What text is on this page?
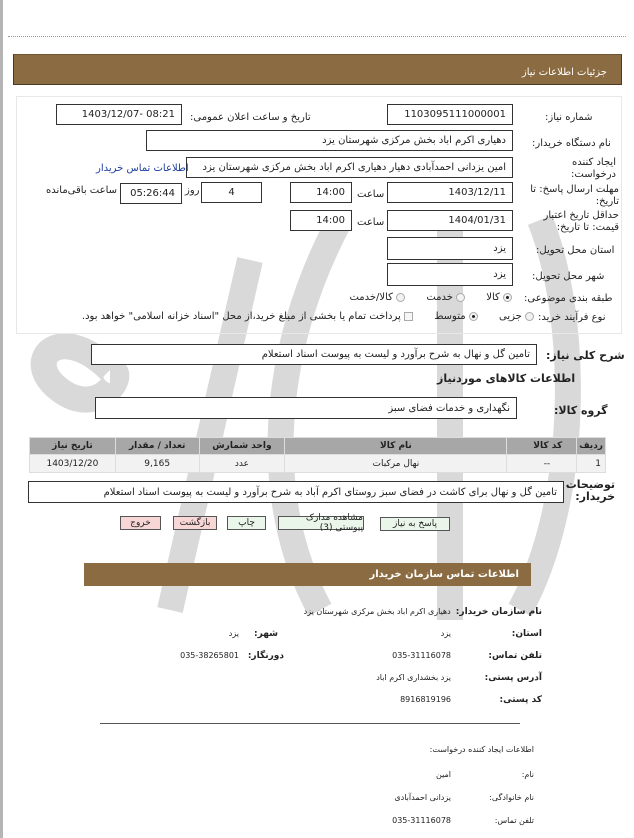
جزئیات اطلاعات نیاز
شماره نیاز:
1103095111000001
تاریخ و ساعت اعلان عمومی:
1403/12/07- 08:21
نام دستگاه خریدار:
دهیاری اکرم اباد بخش مرکزی شهرستان یزد
ایجاد کننده درخواست:
امین یزدانی احمدآبادی دهیار دهیاری اکرم اباد بخش مرکزی شهرستان یزد
اطلاعات تماس خریدار
مهلت ارسال پاسخ: تا تاریخ:
1403/12/11
ساعت
14:00
4
روز
05:26:44
ساعت باقی‌مانده
حداقل تاریخ اعتبار قیمت: تا تاریخ:
1404/01/31
ساعت
14:00
استان محل تحویل:
یزد
شهر محل تحویل:
یزد
طبقه بندی موضوعی:
کالا  خدمت  کالا/خدمت
نوع فرآیند خرید:
جزیی  متوسط  پرداخت تمام یا بخشی از مبلغ خرید،از محل "اسناد خزانه اسلامی" خواهد بود.
شرح کلی نیاز:
تامین گل و نهال به شرح برآورد و لیست به پیوست اسناد استعلام
اطلاعات کالاهای موردنیاز
گروه کالا:
نگهداری و خدمات فضای سبز
ردیف	کد کالا	نام کالا	واحد شمارش	تعداد / مقدار	تاریخ نیاز
1	--	نهال مرکبات	عدد	9,165	1403/12/20
توضیحات خریدار:
تامین گل و نهال برای کاشت در فضای سبز روستای اکرم آباد به شرح برآورد و لیست به پیوست اسناد استعلام
پاسخ به نیاز
مشاهده مدارک پیوستی (3)
چاپ
بازگشت
خروج
اطلاعات تماس سازمان خریدار
نام سازمان خریدار:  دهیاری اکرم اباد بخش مرکزی شهرستان یزد
استان:
یزد
شهر:
یزد
تلفن تماس:
035-31116078
دورنگار:
035-38265801
آدرس پستی:
یزد بخشداری اکرم اباد
کد پستی:
8916819196
اطلاعات ایجاد کننده درخواست:
نام:
امین
نام خانوادگی:
یزدانی احمدآبادی
تلفن تماس:
035-31116078
